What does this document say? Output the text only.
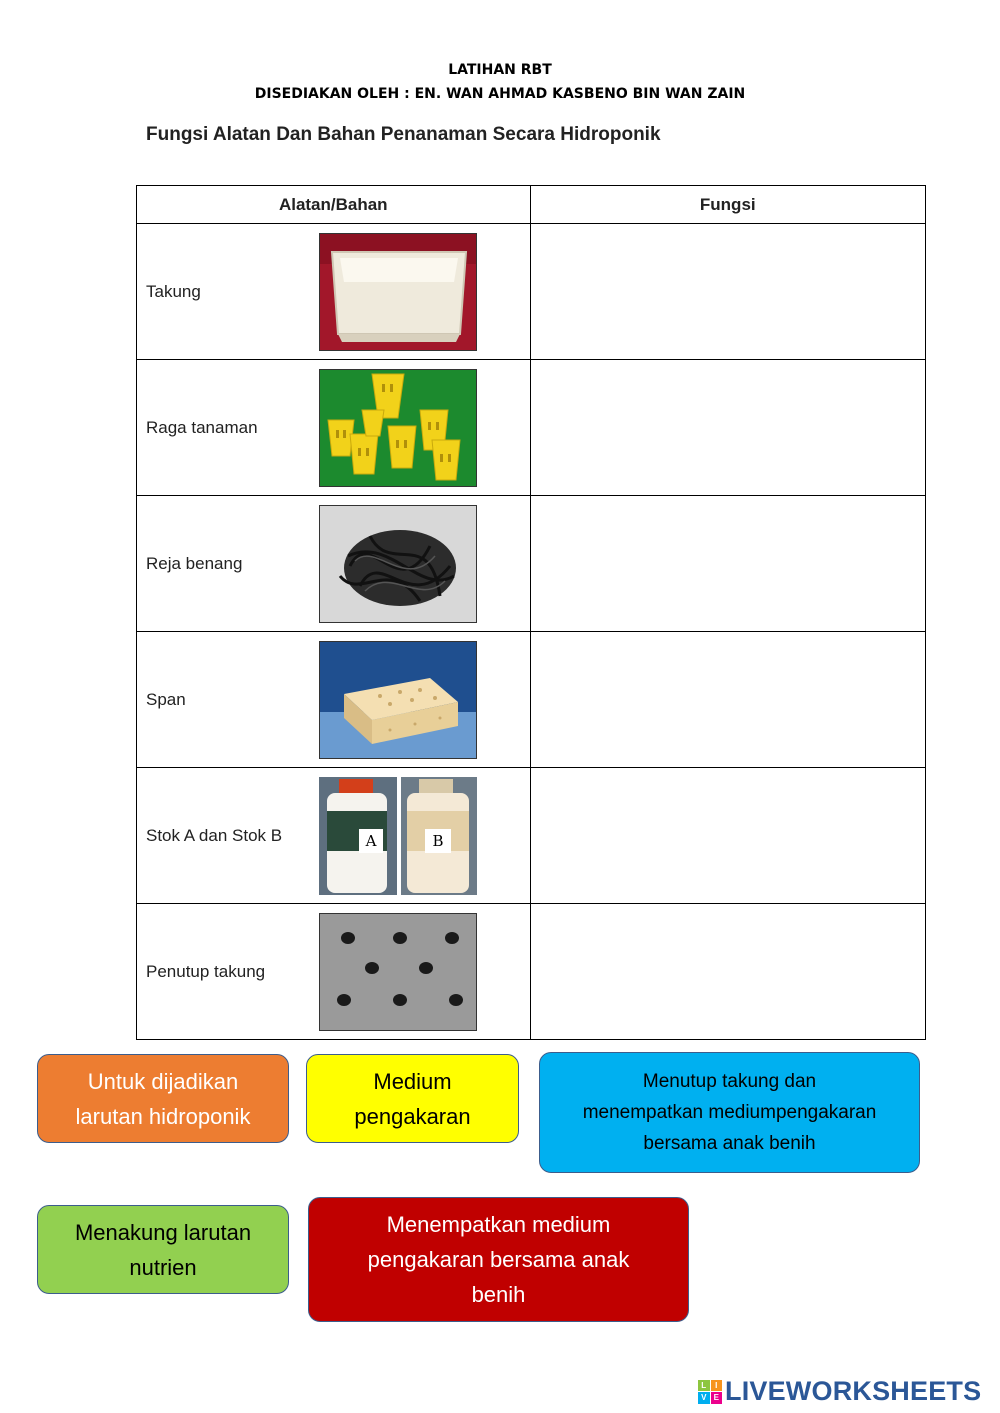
LATIHAN RBT
DISEDIAKAN OLEH : EN. WAN AHMAD KASBENO BIN WAN ZAIN
Fungsi Alatan Dan Bahan Penanaman Secara Hidroponik
Alatan/Bahan	Fungsi

Takung	

Raga tanaman	

Reja benang	

Span	

Stok A dan Stok B A B	

Penutup takung	

Untuk dijadikan
larutan hidroponik
Medium
pengakaran
Menutup takung dan
menempatkan mediumpengakaran
bersama anak benih
Menakung larutan
nutrien
Menempatkan medium
pengakaran bersama anak
benih
L	I
V E LIVEWORKSHEETS
